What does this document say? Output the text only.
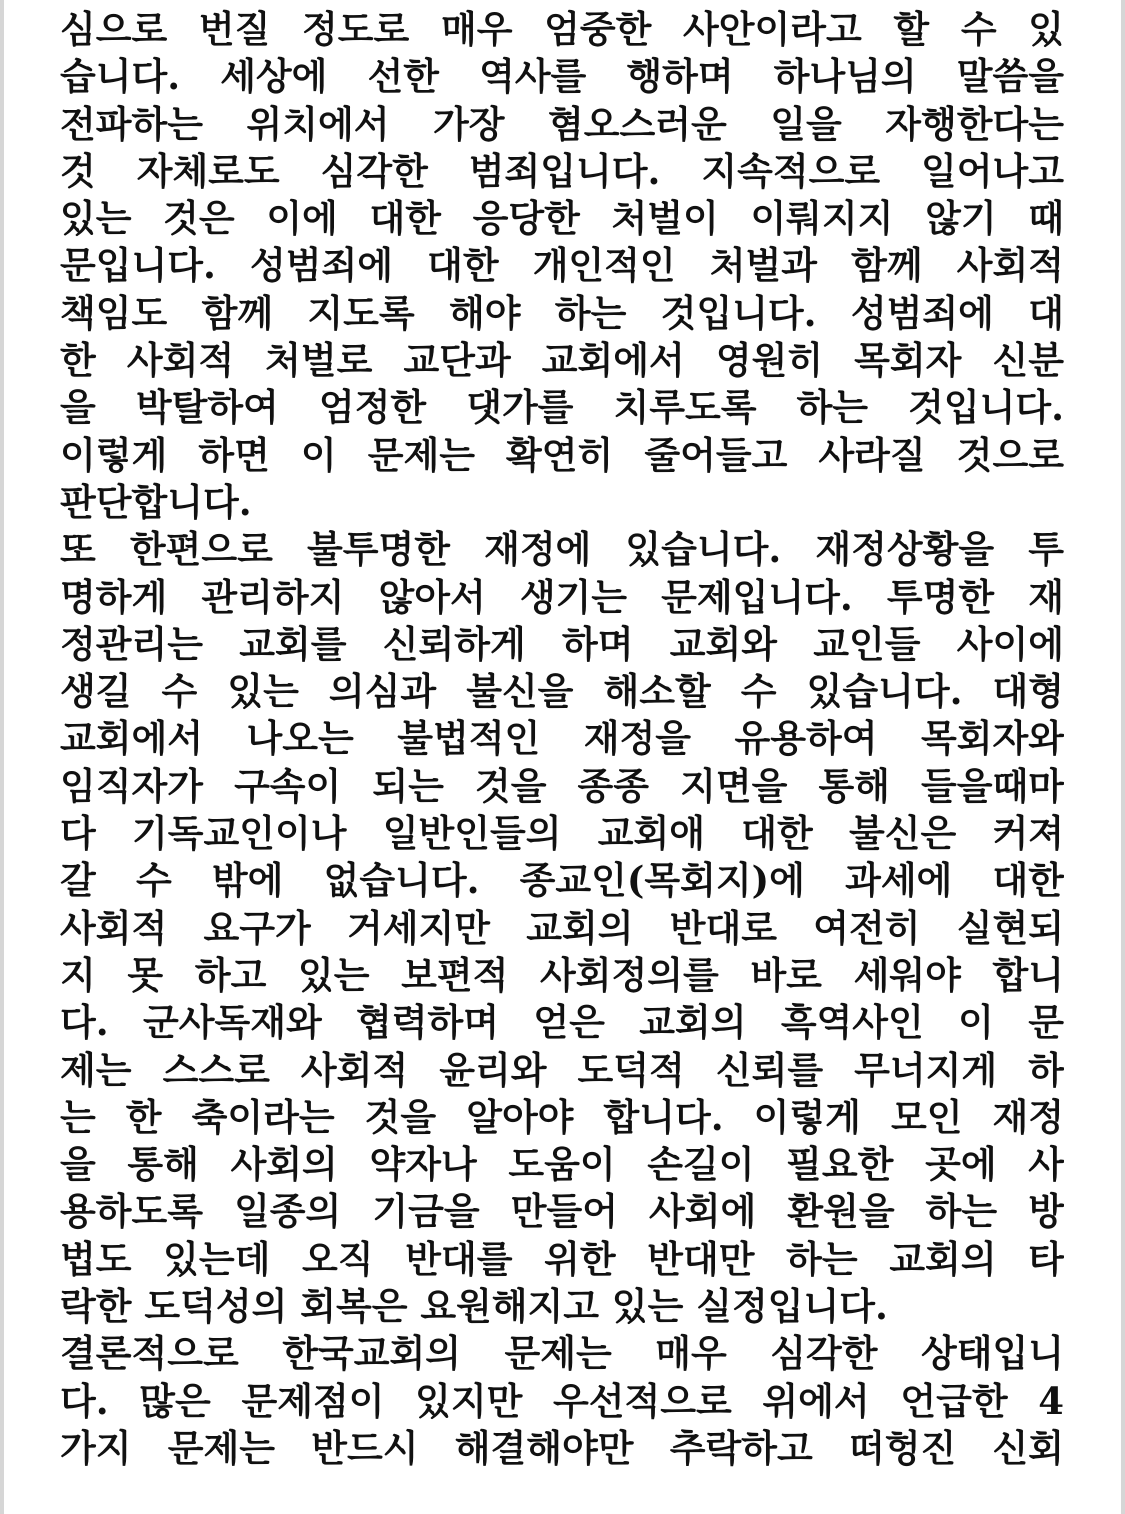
심으로 번질 정도로 매우 엄중한 사안이라고 할 수 있
습니다. 세상에 선한 역사를 행하며 하나님의 말씀을
전파하는 위치에서 가장 혐오스러운 일을 자행한다는
것 자체로도 심각한 범죄입니다. 지속적으로 일어나고
있는 것은 이에 대한 응당한 처벌이 이뤄지지 않기 때
문입니다. 성범죄에 대한 개인적인 처벌과 함께 사회적
책임도 함께 지도록 해야 하는 것입니다. 성범죄에 대
한 사회적 처벌로 교단과 교회에서 영원히 목회자 신분
을 박탈하여 엄정한 댓가를 치루도록 하는 것입니다.
이렇게 하면 이 문제는 확연히 줄어들고 사라질 것으로
판단합니다.
또 한편으로 불투명한 재정에 있습니다. 재정상황을 투
명하게 관리하지 않아서 생기는 문제입니다. 투명한 재
정관리는 교회를 신뢰하게 하며 교회와 교인들 사이에
생길 수 있는 의심과 불신을 해소할 수 있습니다. 대형
교회에서 나오는 불법적인 재정을 유용하여 목회자와
임직자가 구속이 되는 것을 종종 지면을 통해 들을때마
다 기독교인이나 일반인들의 교회애 대한 불신은 커져
갈 수 밖에 없습니다. 종교인(목회지)에 과세에 대한
사회적 요구가 거세지만 교회의 반대로 여전히 실현되
지 못 하고 있는 보편적 사회정의를 바로 세워야 합니
다. 군사독재와 협력하며 얻은 교회의 흑역사인 이 문
제는 스스로 사회적 윤리와 도덕적 신뢰를 무너지게 하
는 한 축이라는 것을 알아야 합니다. 이렇게 모인 재정
을 통해 사회의 약자나 도움이 손길이 필요한 곳에 사
용하도록 일종의 기금을 만들어 사회에 환원을 하는 방
법도 있는데 오직 반대를 위한 반대만 하는 교회의 타
락한 도덕성의 회복은 요원해지고 있는 실정입니다.
결론적으로 한국교회의 문제는 매우 심각한 상태입니
다. 많은 문제점이 있지만 우선적으로 위에서 언급한 4
가지 문제는 반드시 해결해야만 추락하고 떠헝진 신회
